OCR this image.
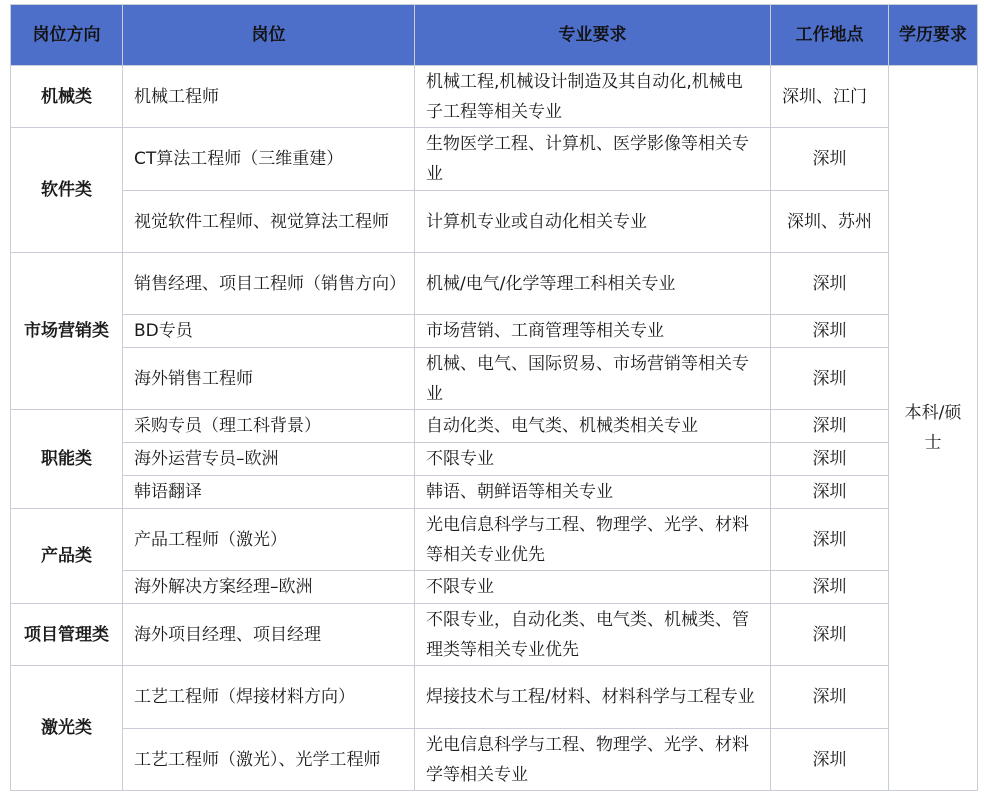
岗位方向	岗位	专业要求	工作地点	学历要求
机械类	机械工程师	机械工程,机械设计制造及其自动化,机械电子工程等相关专业	深圳、江门	本科/硕士
软件类	CT算法工程师（三维重建）	生物医学工程、计算机、医学影像等相关专业	深圳	
	视觉软件工程师、视觉算法工程师	计算机专业或自动化相关专业	深圳、苏州	
市场营销类	销售经理、项目工程师（销售方向）	机械/电气/化学等理工科相关专业	深圳	
	BD专员	市场营销、工商管理等相关专业	深圳	
	海外销售工程师	机械、电气、国际贸易、市场营销等相关专业	深圳	
职能类	采购专员（理工科背景）	自动化类、电气类、机械类相关专业	深圳	
	海外运营专员–欧洲	不限专业	深圳	
	韩语翻译	韩语、朝鲜语等相关专业	深圳	
产品类	产品工程师（激光）	光电信息科学与工程、物理学、光学、材料等相关专业优先	深圳	
	海外解决方案经理–欧洲	不限专业	深圳	
项目管理类	海外项目经理、项目经理	不限专业，自动化类、电气类、机械类、管理类等相关专业优先	深圳	
激光类	工艺工程师（焊接材料方向）	焊接技术与工程/材料、材料科学与工程专业	深圳	
	工艺工程师（激光）、光学工程师	光电信息科学与工程、物理学、光学、材料学等相关专业	深圳	
